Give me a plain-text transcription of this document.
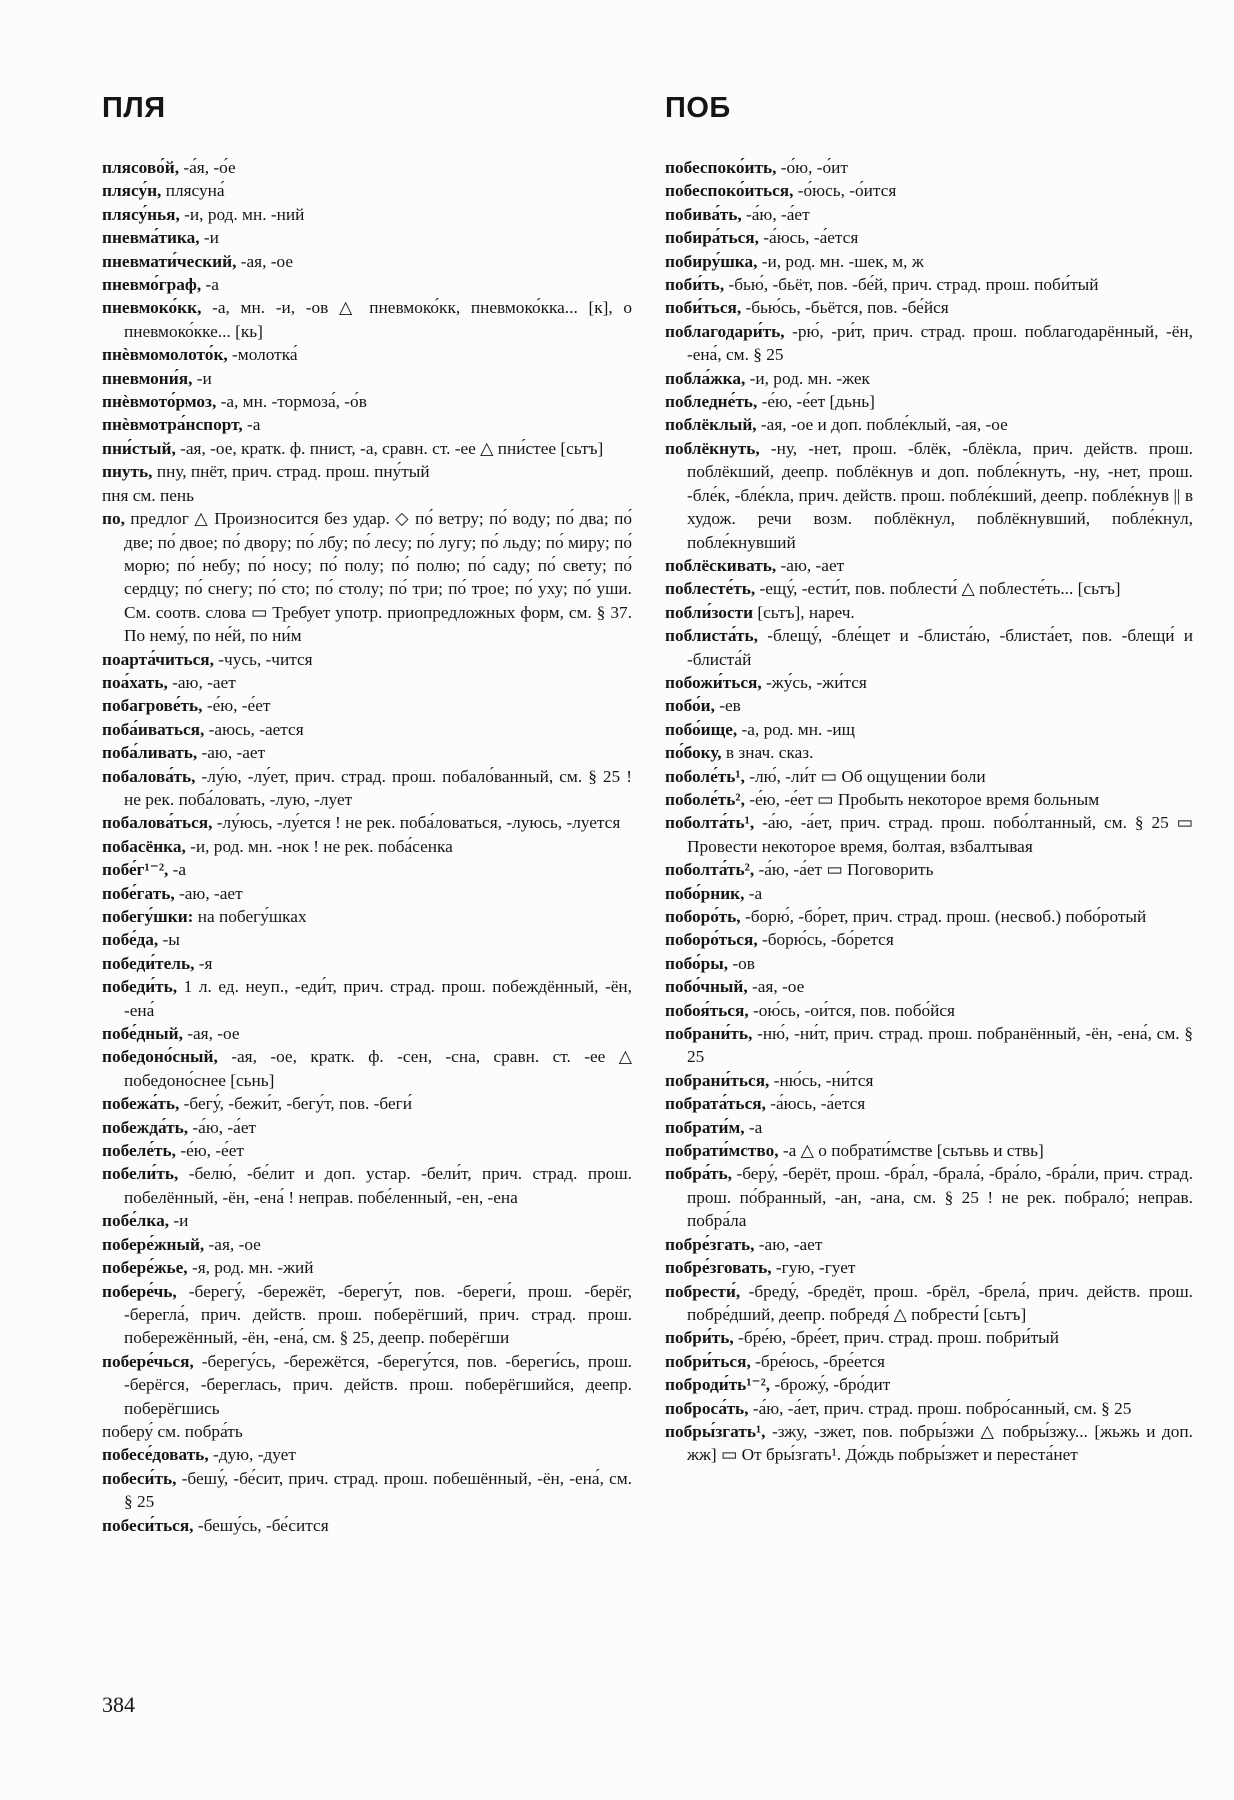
ПЛЯ
плясово́й, -а́я, -о́е
плясу́н, плясуна́
плясу́нья, -и, род. мн. -ний
пневма́тика, -и
пневмати́ческий, -ая, -ое
пневмо́граф, -а
пневмоко́кк, -а, мн. -и, -ов △ пневмоко́кк, пневмоко́кка... [к], о пневмоко́кке... [кь]
пнѐвмомолото́к, -молотка́
пневмони́я, -и
пнѐвмото́рмоз, -а, мн. -тормоза́, -о́в
пнѐвмотра́нспорт, -а
пни́стый, -ая, -ое, кратк. ф. пнист, -а, сравн. ст. -ее △ пни́стее [сьтъ]
пнуть, пну, пнёт, прич. страд. прош. пну́тый
пня см. пень
по, предлог △ Произносится без удар. ◇ по́ ветру; по́ воду; по́ два; по́ две; по́ двое; по́ двору; по́ лбу; по́ лесу; по́ лугу; по́ льду; по́ миру; по́ морю; по́ небу; по́ носу; по́ полу; по́ полю; по́ саду; по́ свету; по́ сердцу; по́ снегу; по́ сто; по́ столу; по́ три; по́ трое; по́ уху; по́ уши. См. соотв. слова ▭ Требует употр. приопредложных форм, см. § 37. По нему́, по не́й, по ни́м
поарта́читься, -чусь, -чится
поа́хать, -аю, -ает
побагрове́ть, -е́ю, -е́ет
поба́иваться, -аюсь, -ается
поба́ливать, -аю, -ает
побалова́ть, -лу́ю, -лу́ет, прич. страд. прош. побало́ванный, см. § 25 ! не рек. поба́ловать, -лую, -лует
побалова́ться, -лу́юсь, -лу́ется ! не рек. поба́ловаться, -луюсь, -луется
побасёнка, -и, род. мн. -нок ! не рек. поба́сенка
побе́г¹⁻², -а
побе́гать, -аю, -ает
побегу́шки: на побегу́шках
побе́да, -ы
победи́тель, -я
победи́ть, 1 л. ед. неуп., -еди́т, прич. страд. прош. побеждённый, -ён, -ена́
побе́дный, -ая, -ое
победоно́сный, -ая, -ое, кратк. ф. -сен, -сна, сравн. ст. -ее △ победоно́снее [сьнь]
побежа́ть, -бегу́, -бежи́т, -бегу́т, пов. -беги́
побежда́ть, -а́ю, -а́ет
побеле́ть, -е́ю, -е́ет
побели́ть, -белю́, -бе́лит и доп. устар. -бели́т, прич. страд. прош. побелённый, -ён, -ена́ ! неправ. побе́ленный, -ен, -ена
побе́лка, -и
побере́жный, -ая, -ое
побере́жье, -я, род. мн. -жий
побере́чь, -берегу́, -бережёт, -берегу́т, пов. -береги́, прош. -берёг, -берегла́, прич. действ. прош. поберёгший, прич. страд. прош. побережённый, -ён, -ена́, см. § 25, деепр. поберёгши
побере́чься, -берегу́сь, -бережётся, -берегу́тся, пов. -береги́сь, прош. -берёгся, -береглась, прич. действ. прош. поберёгшийся, деепр. поберёгшись
поберу́ см. побра́ть
побесе́довать, -дую, -дует
побеси́ть, -бешу́, -бе́сит, прич. страд. прош. побешённый, -ён, -ена́, см. § 25
побеси́ться, -бешу́сь, -бе́сится
ПОБ
побеспоко́ить, -о́ю, -о́ит
побеспоко́иться, -о́юсь, -о́ится
побива́ть, -а́ю, -а́ет
побира́ться, -а́юсь, -а́ется
побиру́шка, -и, род. мн. -шек, м, ж
поби́ть, -бью́, -бьёт, пов. -бе́й, прич. страд. прош. поби́тый
поби́ться, -бью́сь, -бьётся, пов. -бе́йся
поблагодари́ть, -рю́, -ри́т, прич. страд. прош. поблагодарённый, -ён, -ена́, см. § 25
побла́жка, -и, род. мн. -жек
побледне́ть, -е́ю, -е́ет [дьнь]
поблёклый, -ая, -ое и доп. побле́клый, -ая, -ое
поблёкнуть, -ну, -нет, прош. -блёк, -блёкла, прич. действ. прош. поблёкший, деепр. поблёкнув и доп. побле́кнуть, -ну, -нет, прош. -бле́к, -бле́кла, прич. действ. прош. побле́кший, деепр. побле́кнув || в худож. речи возм. поблёкнул, поблёкнувший, побле́кнул, побле́кнувший
поблёскивать, -аю, -ает
поблесте́ть, -ещу́, -ести́т, пов. поблести́ △ поблесте́ть... [сьтъ]
побли́зости [сьтъ], нареч.
поблиста́ть, -блещу́, -бле́щет и -блиста́ю, -блиста́ет, пов. -блещи́ и -блиста́й
побожи́ться, -жу́сь, -жи́тся
побо́и, -ев
побо́ище, -а, род. мн. -ищ
по́боку, в знач. сказ.
поболе́ть¹, -лю́, -ли́т ▭ Об ощущении боли
поболе́ть², -е́ю, -е́ет ▭ Пробыть некоторое время больным
поболта́ть¹, -а́ю, -а́ет, прич. страд. прош. побо́лтанный, см. § 25 ▭ Провести некоторое время, болтая, взбалтывая
поболта́ть², -а́ю, -а́ет ▭ Поговорить
побо́рник, -а
побоpо́ть, -борю́, -бо́рет, прич. страд. прош. (несвоб.) побо́ротый
побоpо́ться, -борю́сь, -бо́рется
побо́ры, -ов
побо́чный, -ая, -ое
побоя́ться, -ою́сь, -ои́тся, пов. побо́йся
побрани́ть, -ню́, -ни́т, прич. страд. прош. побранённый, -ён, -ена́, см. § 25
побрани́ться, -ню́сь, -ни́тся
побрата́ться, -а́юсь, -а́ется
побрати́м, -а
побрати́мство, -а △ о побрати́мстве [сьтьвь и ствь]
побра́ть, -беру́, -берёт, прош. -бра́л, -брала́, -бра́ло, -бра́ли, прич. страд. прош. по́бранный, -ан, -ана, см. § 25 ! не рек. побрало́; неправ. побра́ла
побре́згать, -аю, -ает
побре́зговать, -гую, -гует
побрести́, -бреду́, -бредёт, прош. -брёл, -брела́, прич. действ. прош. побре́дший, деепр. побредя́ △ побрести́ [сьтъ]
побри́ть, -бре́ю, -бре́ет, прич. страд. прош. побри́тый
побри́ться, -бре́юсь, -бре́ется
поброди́ть¹⁻², -брожу́, -бро́дит
поброса́ть, -а́ю, -а́ет, прич. страд. прош. побро́санный, см. § 25
побры́згать¹, -зжу, -зжет, пов. побры́зжи △ побры́зжу... [жьжь и доп. жж] ▭ От бры́згать¹. До́ждь побры́зжет и переста́нет
384
